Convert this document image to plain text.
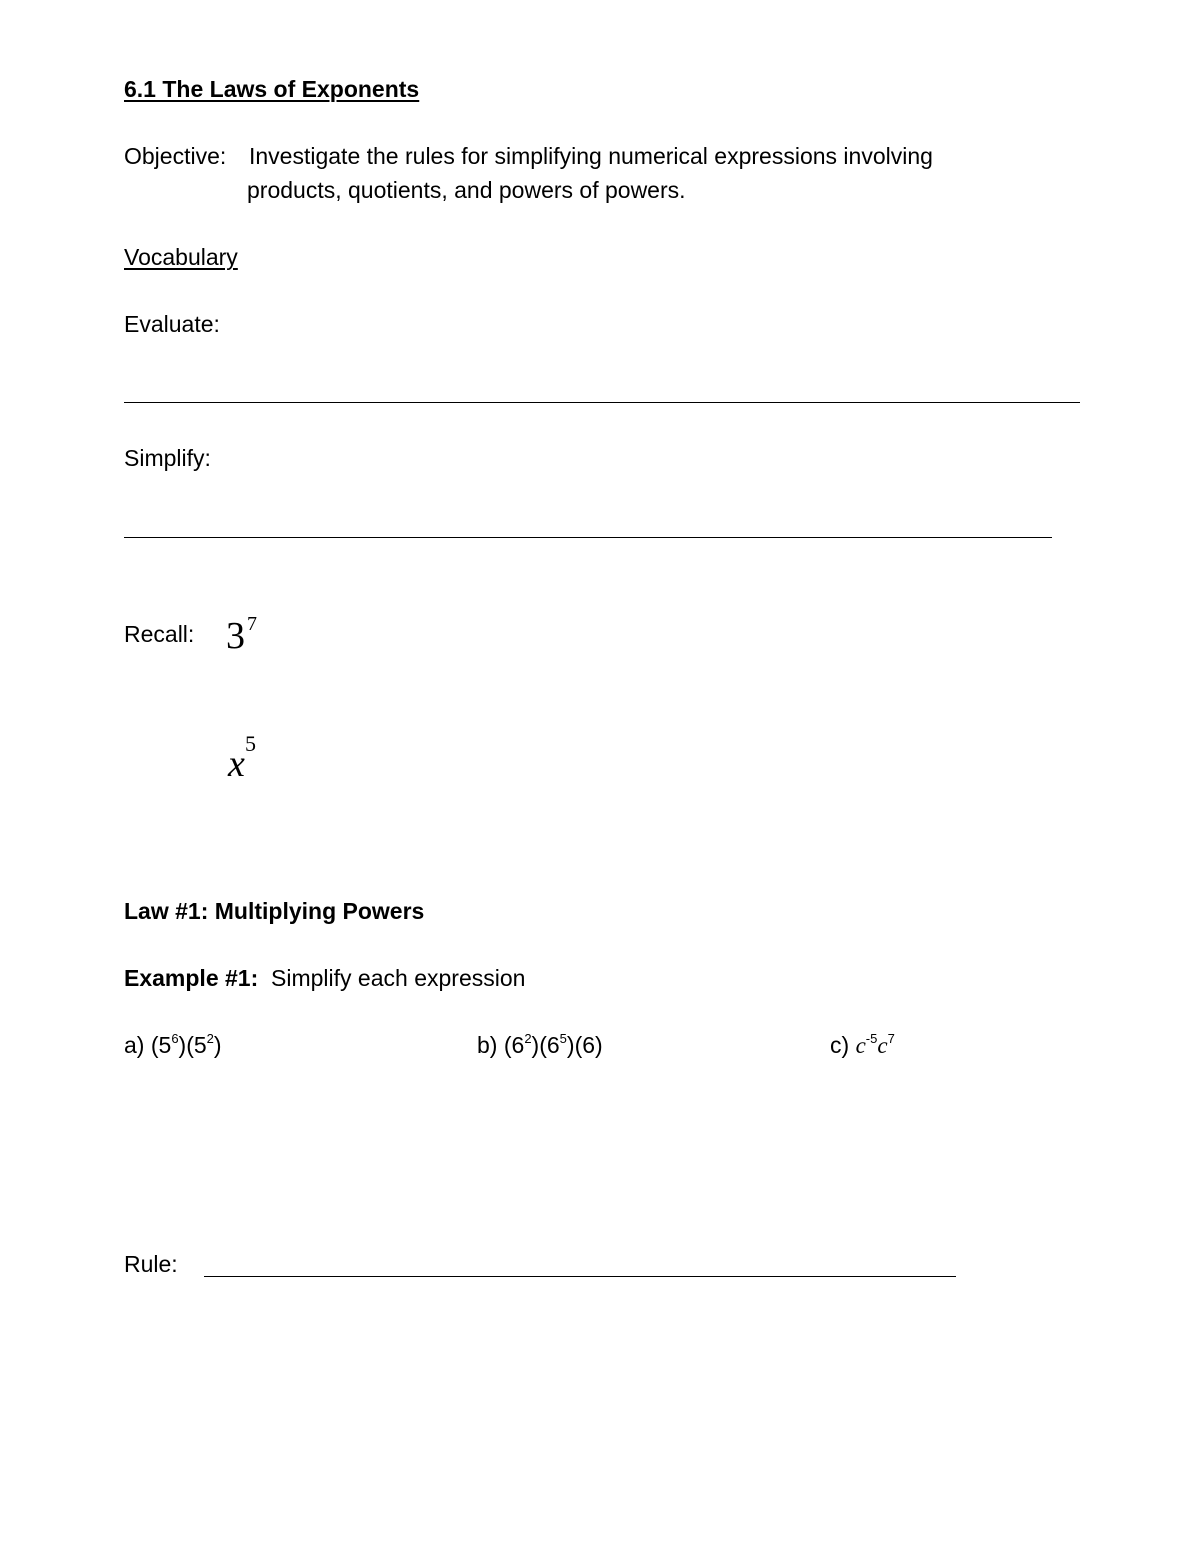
6.1 The Laws of Exponents
Objective: Investigate the rules for simplifying numerical expressions involving
products, quotients, and powers of powers.
Vocabulary
Evaluate:
Simplify:
Recall: 3 7
x 5
Law #1: Multiplying Powers
Example #1: Simplify each expression
a) $(5^6)(5^2)$	b) $(6^2)(6^5)(6)$	c) $c^{-5}c^7$
Rule:
